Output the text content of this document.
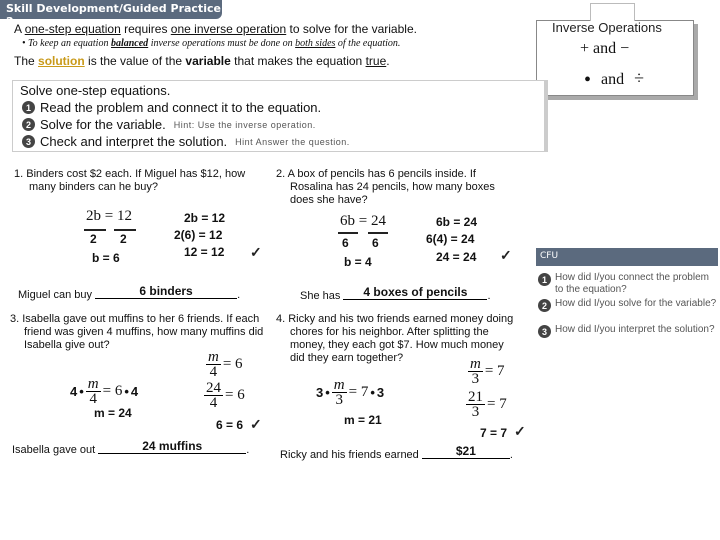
Skill Development/Guided Practice 2
A one-step equation requires one inverse operation to solve for the variable.
• To keep an equation balanced inverse operations must be done on both sides of the equation.
The solution is the value of the variable that makes the equation true.
Inverse Operations
+ and −
• and ÷
Solve one-step equations.
1 Read the problem and connect it to the equation.
2 Solve for the variable. Hint: Use the inverse operation.
3 Check and interpret the solution. Hint Answer the question.
1. Binders cost $2 each. If Miguel has $12, how many binders can he buy?
2b = 12
2 2
b = 6
2b = 12
2(6) = 12
12 = 12 ✓
Miguel can buy	6 binders	.
2. A box of pencils has 6 pencils inside. If Rosalina has 24 pencils, how many boxes does she have?
6b = 24
6 6
b = 4
6b = 24
6(4) = 24
24 = 24 ✓
She has 4 boxes of pencils .
3. Isabella gave out muffins to her 6 friends. If each friend was given 4 muffins, how many muffins did Isabella give out?
4 • $\frac{m}{4} = 6$ • 4
m = 24
$\frac{m}{4} = 6$
$\frac{24}{4} = 6$
6 = 6 ✓
Isabella gave out	24 muffins	.
4. Ricky and his two friends earned money doing chores for his neighbor. After splitting the money, they each got $7. How much money did they earn together?
3 • $\frac{m}{3} = 7$ • 3
m = 21
$\frac{m}{3} = 7$
$\frac{21}{3} = 7$
7 = 7 ✓
Ricky and his friends earned	$21	.
CFU
1 How did I/you connect the problem to the equation?
2 How did I/you solve for the variable?
3 How did I/you interpret the solution?
